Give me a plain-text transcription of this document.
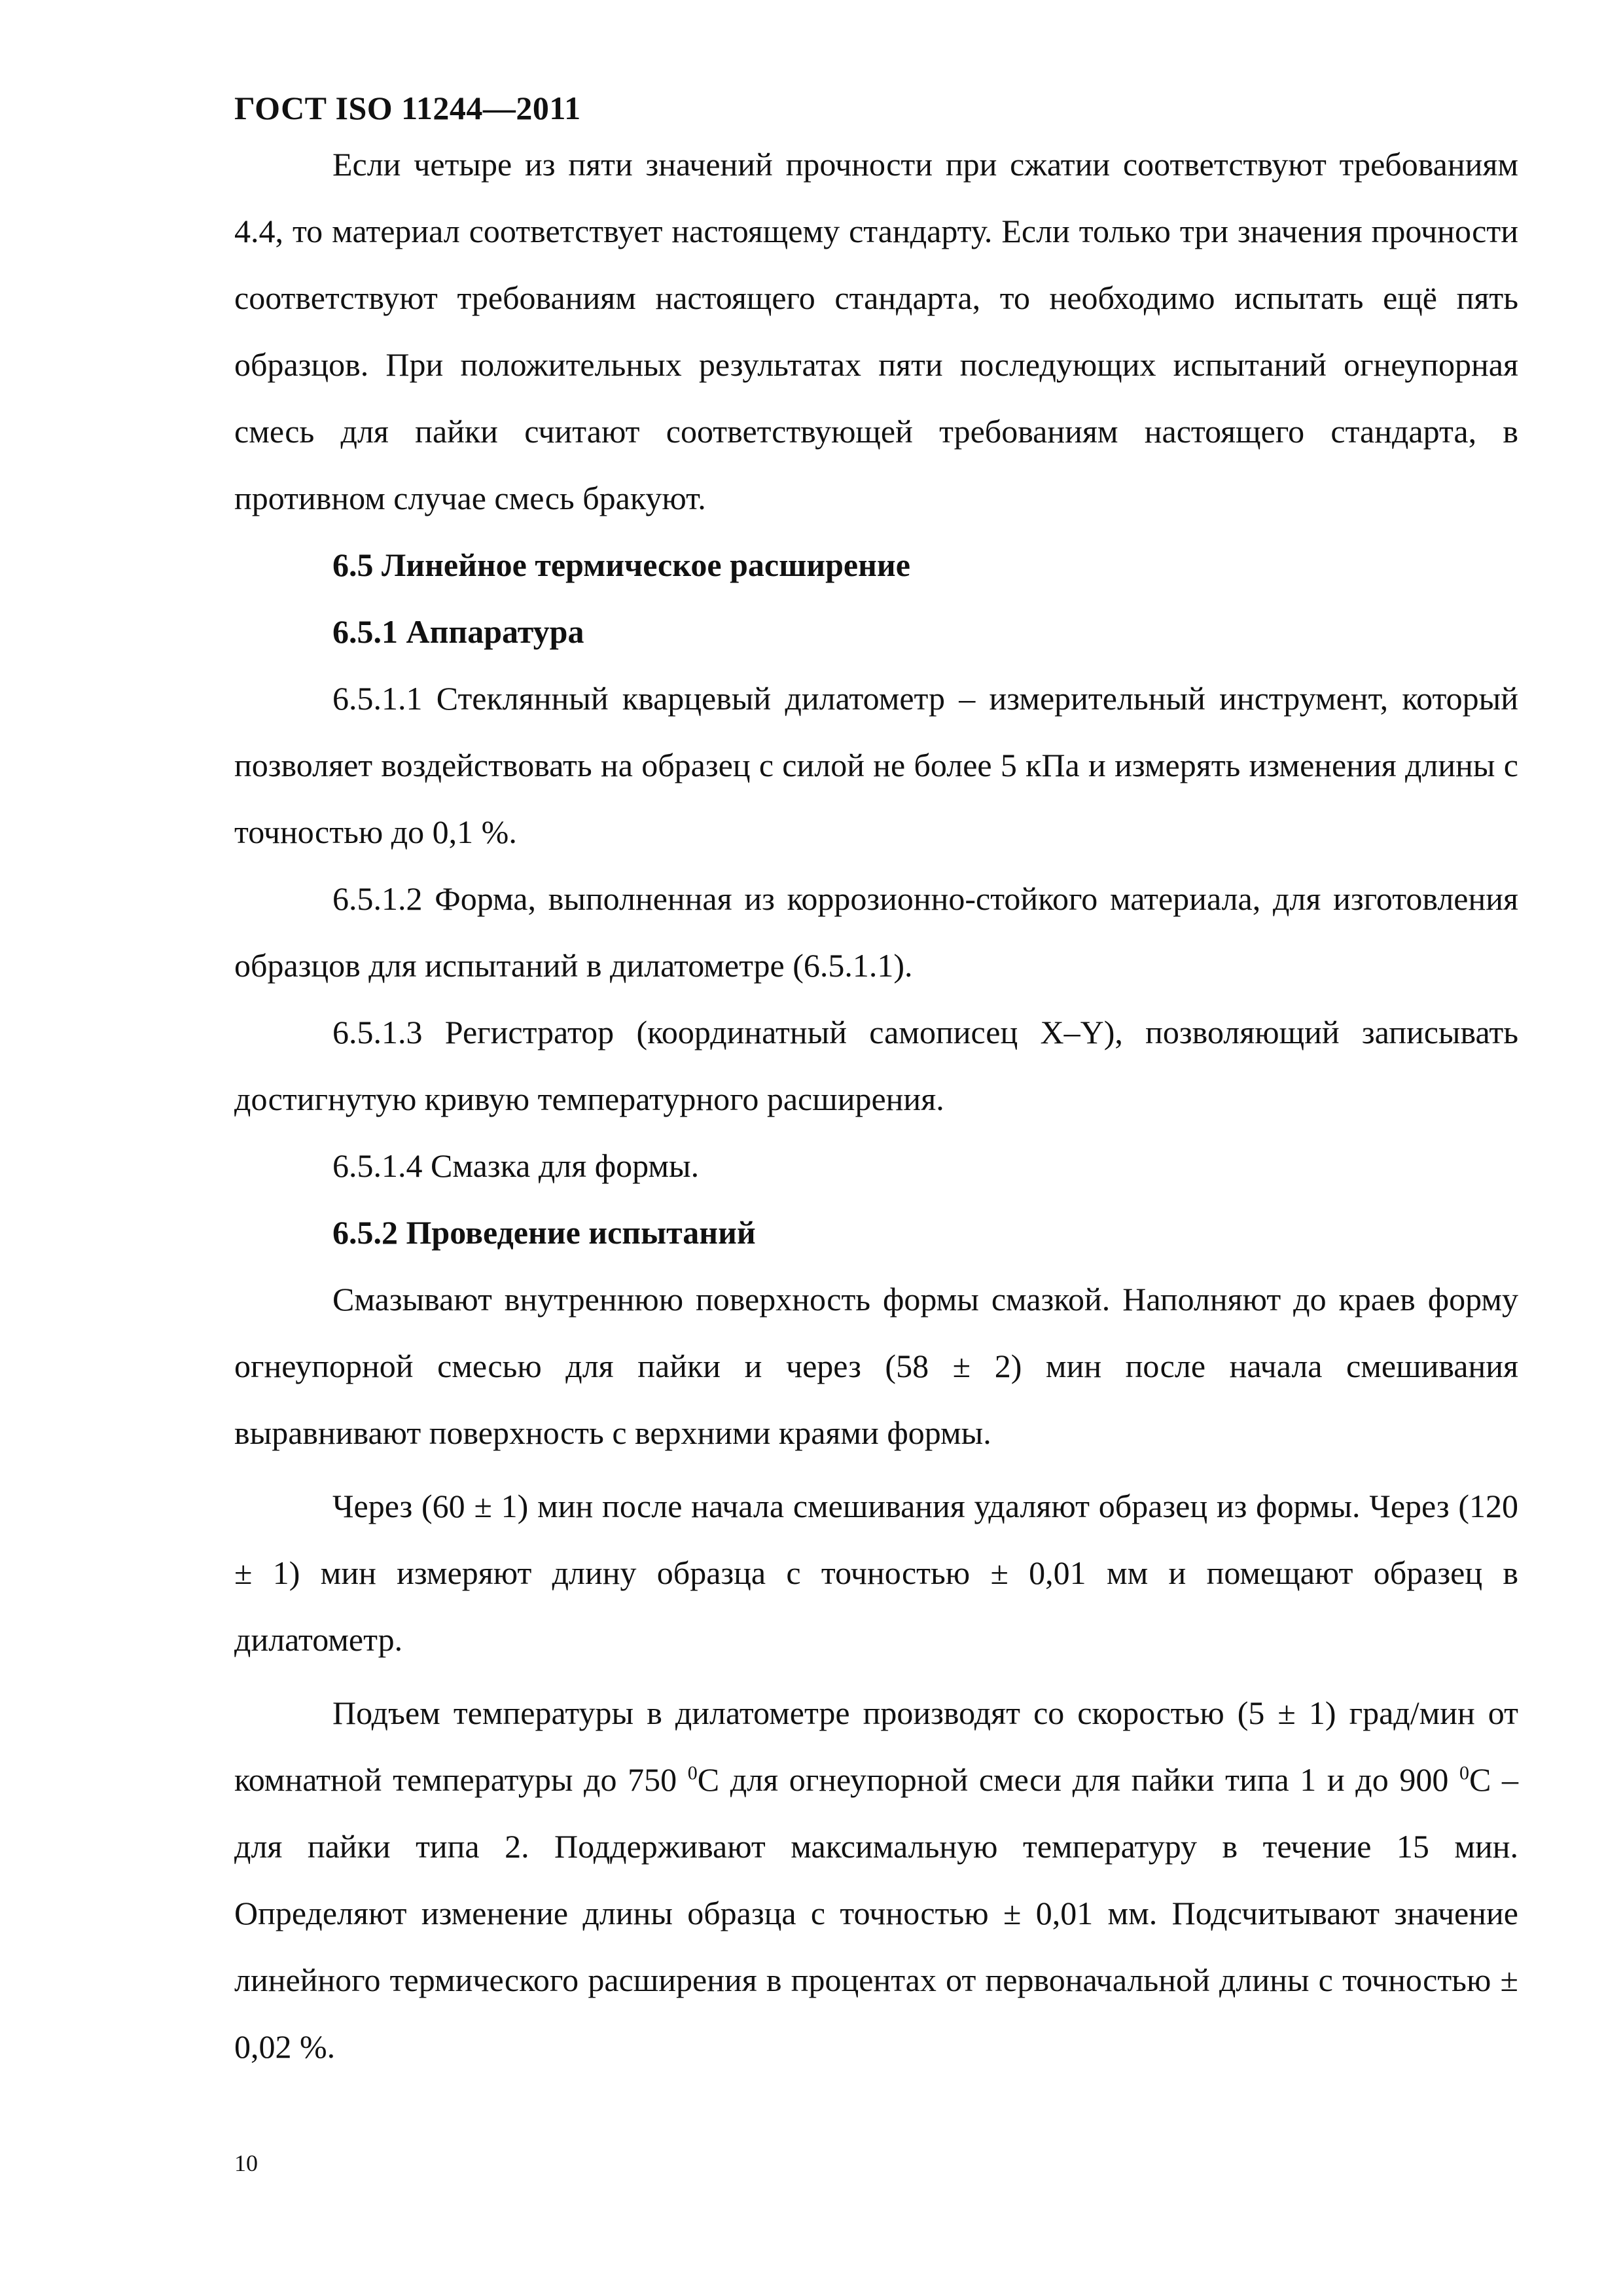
ГОСТ ISO 11244—2011

Если четыре из пяти значений прочности при сжатии соответствуют требованиям 4.4, то материал соответствует настоящему стандарту. Если только три значения прочности соответствуют требованиям настоящего стандарта, то необходимо испытать ещё пять образцов. При положительных результатах пяти последующих испытаний огнеупорная смесь для пайки считают соответствующей требованиям настоящего стандарта, в противном случае смесь бракуют.

6.5 Линейное термическое расширение

6.5.1 Аппаратура

6.5.1.1 Стеклянный кварцевый дилатометр – измерительный инструмент, который позволяет воздействовать на образец с силой не более 5 кПа и измерять изменения длины с точностью до 0,1 %.

6.5.1.2 Форма, выполненная из коррозионно-стойкого материала, для изготовления образцов для испытаний в дилатометре (6.5.1.1).

6.5.1.3 Регистратор (координатный самописец X–Y), позволяющий записывать достигнутую кривую температурного расширения.

6.5.1.4 Смазка для формы.

6.5.2 Проведение испытаний

Смазывают внутреннюю поверхность формы смазкой. Наполняют до краев форму огнеупорной смесью для пайки и через (58 ± 2) мин после начала смешивания выравнивают поверхность с верхними краями формы.

Через (60 ± 1) мин после начала смешивания удаляют образец из формы. Через (120 ± 1) мин измеряют длину образца с точностью ± 0,01 мм и помещают образец в дилатометр.

Подъем температуры в дилатометре производят со скоростью (5 ± 1) град/мин от комнатной температуры до 750 $^0$С для огнеупорной смеси для пайки типа 1 и до 900 $^0$С – для пайки типа 2. Поддерживают максимальную температуру в течение 15 мин. Определяют изменение длины образца с точностью ± 0,01 мм. Подсчитывают значение линейного термического расширения в процентах от первоначальной длины с точностью ± 0,02 %.

10
